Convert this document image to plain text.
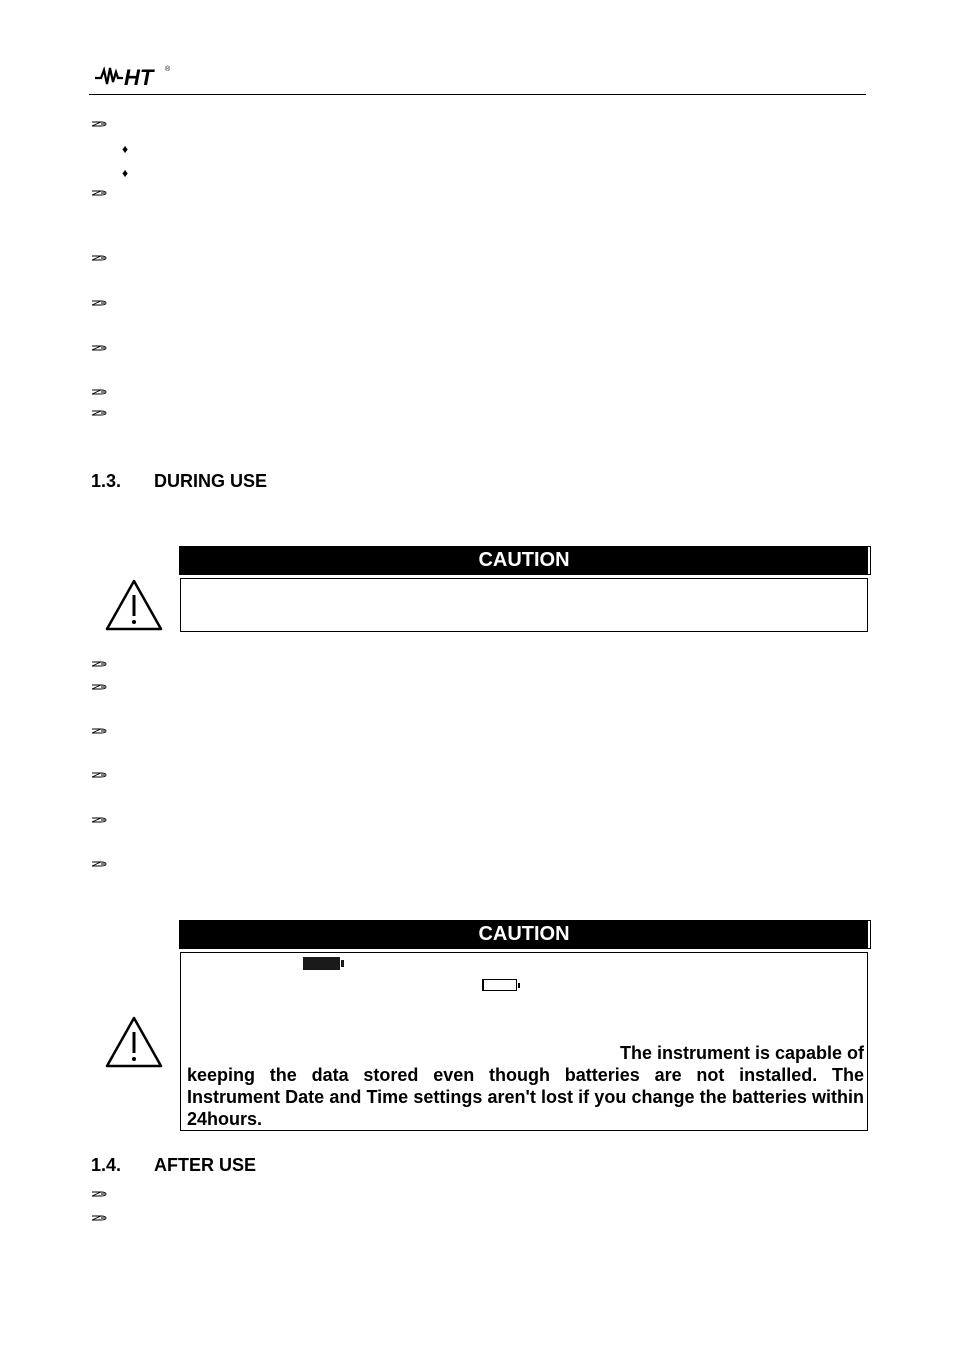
HT ®
♦
♦
1.3. DURING USE
CAUTION
CAUTION
The instrument is capable of
keeping the data stored even though batteries are not installed. The Instrument Date and Time settings aren't lost if you change the batteries within 24hours.
1.4. AFTER USE
